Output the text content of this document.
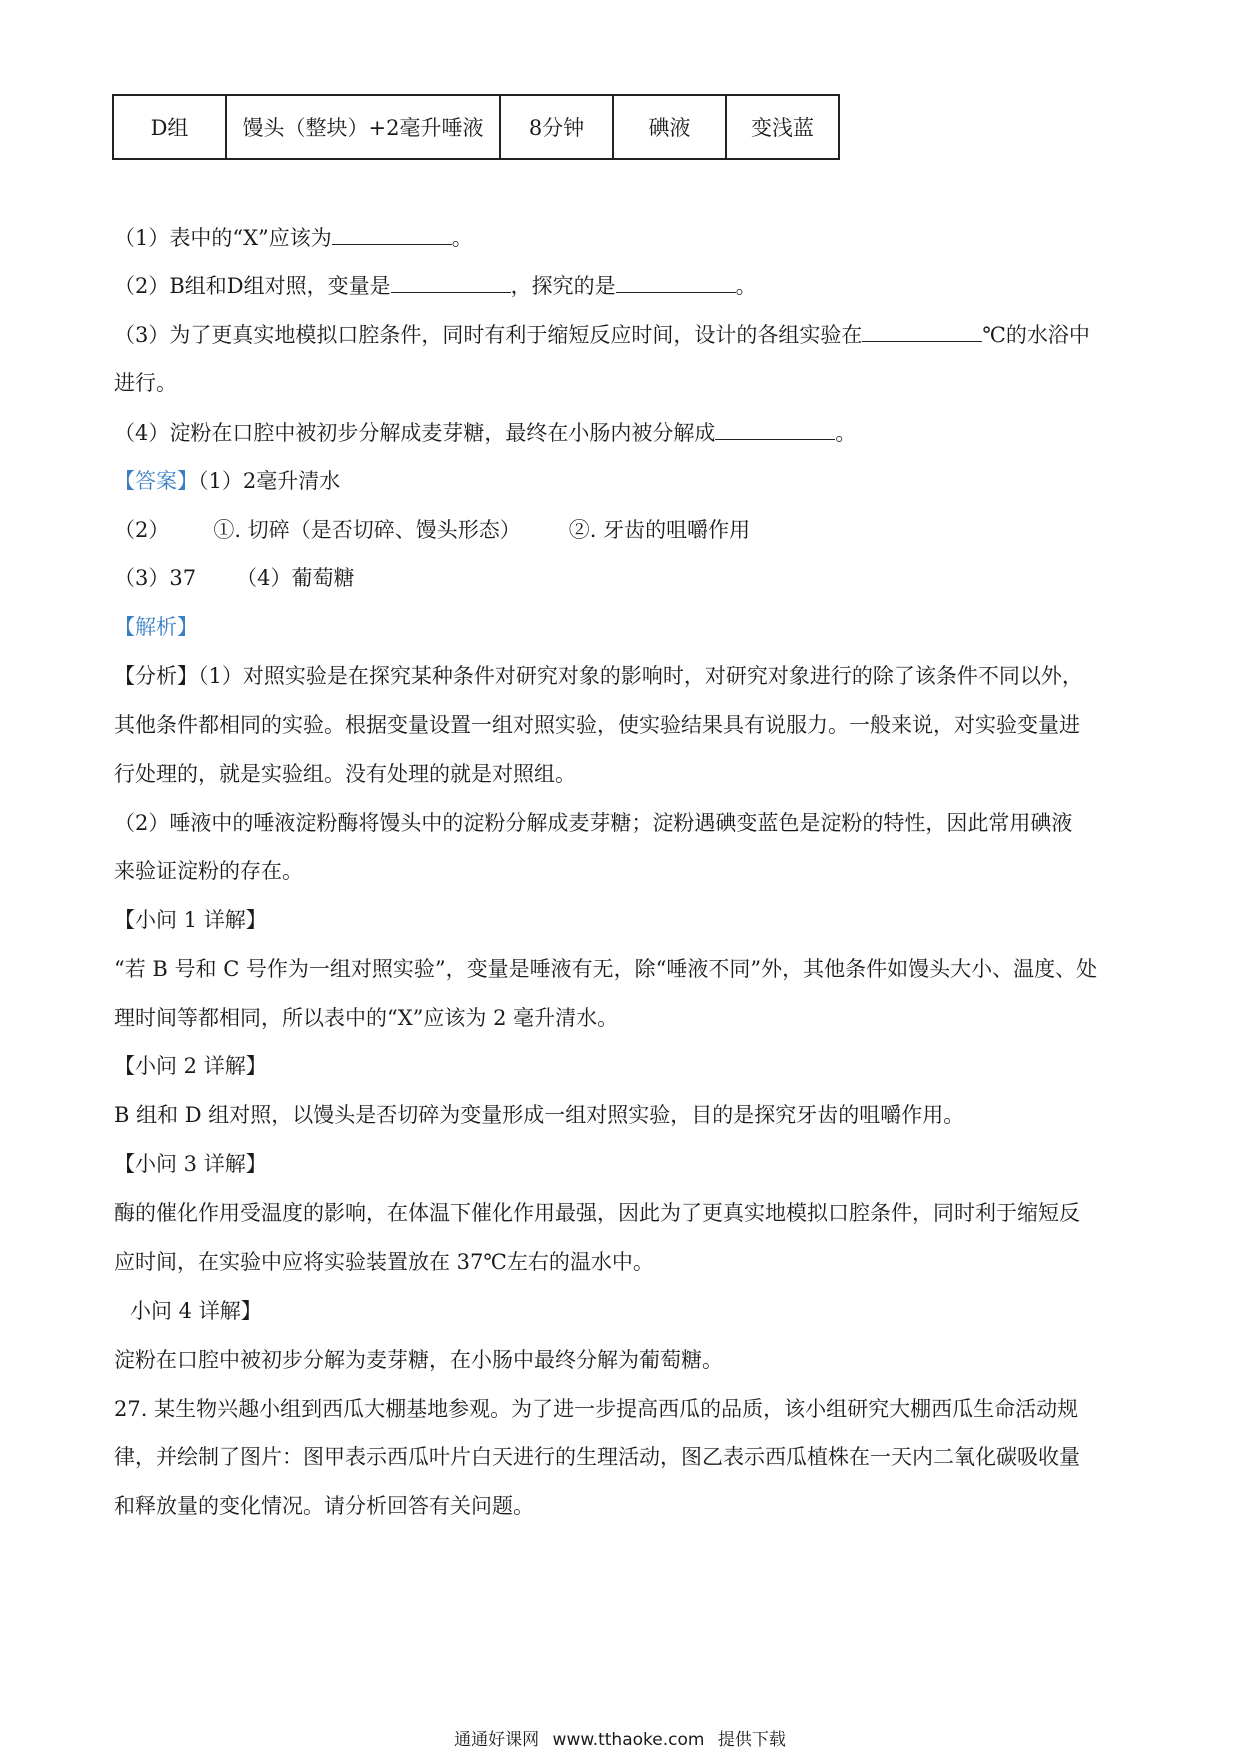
D组	馒头（整块）+2毫升唾液	8分钟	碘液	变浅蓝
（1）表中的“X”应该为	。
（2）B组和D组对照，变量是	，探究的是	。
（3）为了更真实地模拟口腔条件，同时有利于缩短反应时间，设计的各组实验在	℃的水浴中
进行。
（4）淀粉在口腔中被初步分解成麦芽糖，最终在小肠内被分解成	。
【答案】（1）2毫升清水
（2） ①. 切碎（是否切碎、馒头形态） ②. 牙齿的咀嚼作用
（3）37 （4）葡萄糖
【解析】
【分析】（1）对照实验是在探究某种条件对研究对象的影响时，对研究对象进行的除了该条件不同以外，
其他条件都相同的实验。根据变量设置一组对照实验，使实验结果具有说服力。一般来说，对实验变量进
行处理的，就是实验组。没有处理的就是对照组。
（2）唾液中的唾液淀粉酶将馒头中的淀粉分解成麦芽糖；淀粉遇碘变蓝色是淀粉的特性，因此常用碘液
来验证淀粉的存在。
【小问 1 详解】
“若 B 号和 C 号作为一组对照实验”，变量是唾液有无，除“唾液不同”外，其他条件如馒头大小、温度、处
理时间等都相同，所以表中的“X”应该为 2 毫升清水。
【小问 2 详解】
B 组和 D 组对照，以馒头是否切碎为变量形成一组对照实验，目的是探究牙齿的咀嚼作用。
【小问 3 详解】
酶的催化作用受温度的影响，在体温下催化作用最强，因此为了更真实地模拟口腔条件，同时利于缩短反
应时间，在实验中应将实验装置放在 37℃左右的温水中。
小问 4 详解】
淀粉在口腔中被初步分解为麦芽糖，在小肠中最终分解为葡萄糖。
27. 某生物兴趣小组到西瓜大棚基地参观。为了进一步提高西瓜的品质，该小组研究大棚西瓜生命活动规
律，并绘制了图片：图甲表示西瓜叶片白天进行的生理活动，图乙表示西瓜植株在一天内二氧化碳吸收量
和释放量的变化情况。请分析回答有关问题。
通通好课网 www.tthaoke.com 提供下载
